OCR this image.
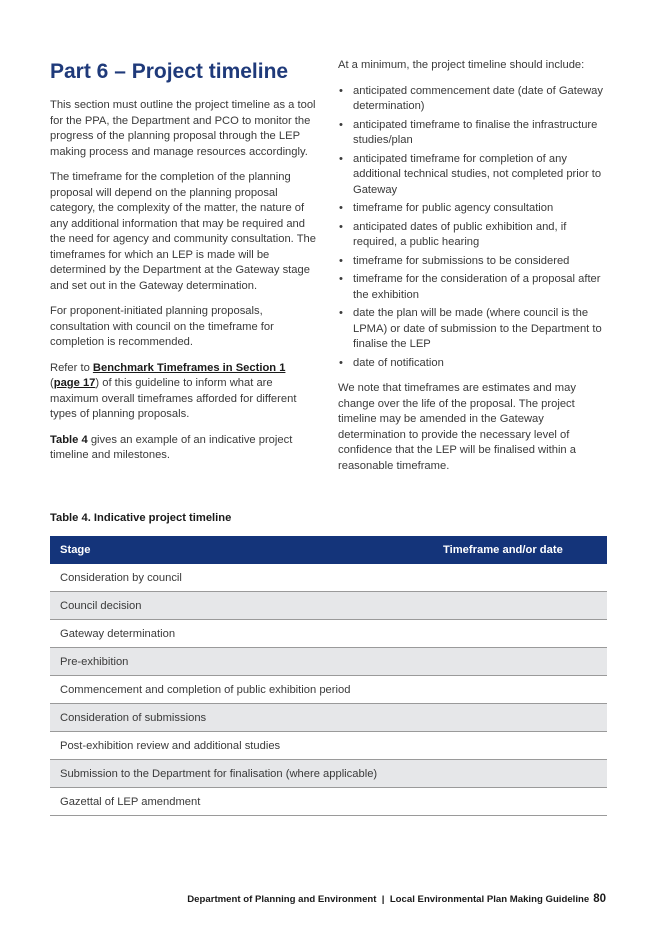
Part 6 – Project timeline

This section must outline the project timeline as a tool for the PPA, the Department and PCO to monitor the progress of the planning proposal through the LEP making process and manage resources accordingly.

The timeframe for the completion of the planning proposal will depend on the planning proposal category, the complexity of the matter, the nature of any additional information that may be required and the need for agency and community consultation. The timeframes for which an LEP is made will be determined by the Department at the Gateway stage and set out in the Gateway determination.

For proponent-initiated planning proposals, consultation with council on the timeframe for completion is recommended.

Refer to Benchmark Timeframes in Section 1 (page 17) of this guideline to inform what are maximum overall timeframes afforded for different types of planning proposals.

Table 4 gives an example of an indicative project timeline and milestones.

At a minimum, the project timeline should include:

• anticipated commencement date (date of Gateway determination)
• anticipated timeframe to finalise the infrastructure studies/plan
• anticipated timeframe for completion of any additional technical studies, not completed prior to Gateway
• timeframe for public agency consultation
• anticipated dates of public exhibition and, if required, a public hearing
• timeframe for submissions to be considered
• timeframe for the consideration of a proposal after the exhibition
• date the plan will be made (where council is the LPMA) or date of submission to the Department to finalise the LEP
• date of notification

We note that timeframes are estimates and may change over the life of the proposal. The project timeline may be amended in the Gateway determination to provide the necessary level of confidence that the LEP will be finalised within a reasonable timeframe.

Table 4. Indicative project timeline
Stage	Timeframe and/or date
Consideration by council	
Council decision	
Gateway determination	
Pre-exhibition	
Commencement and completion of public exhibition period	
Consideration of submissions	
Post-exhibition review and additional studies	
Submission to the Department for finalisation (where applicable)	
Gazettal of LEP amendment	
Department of Planning and Environment  |  Local Environmental Plan Making Guideline 80
